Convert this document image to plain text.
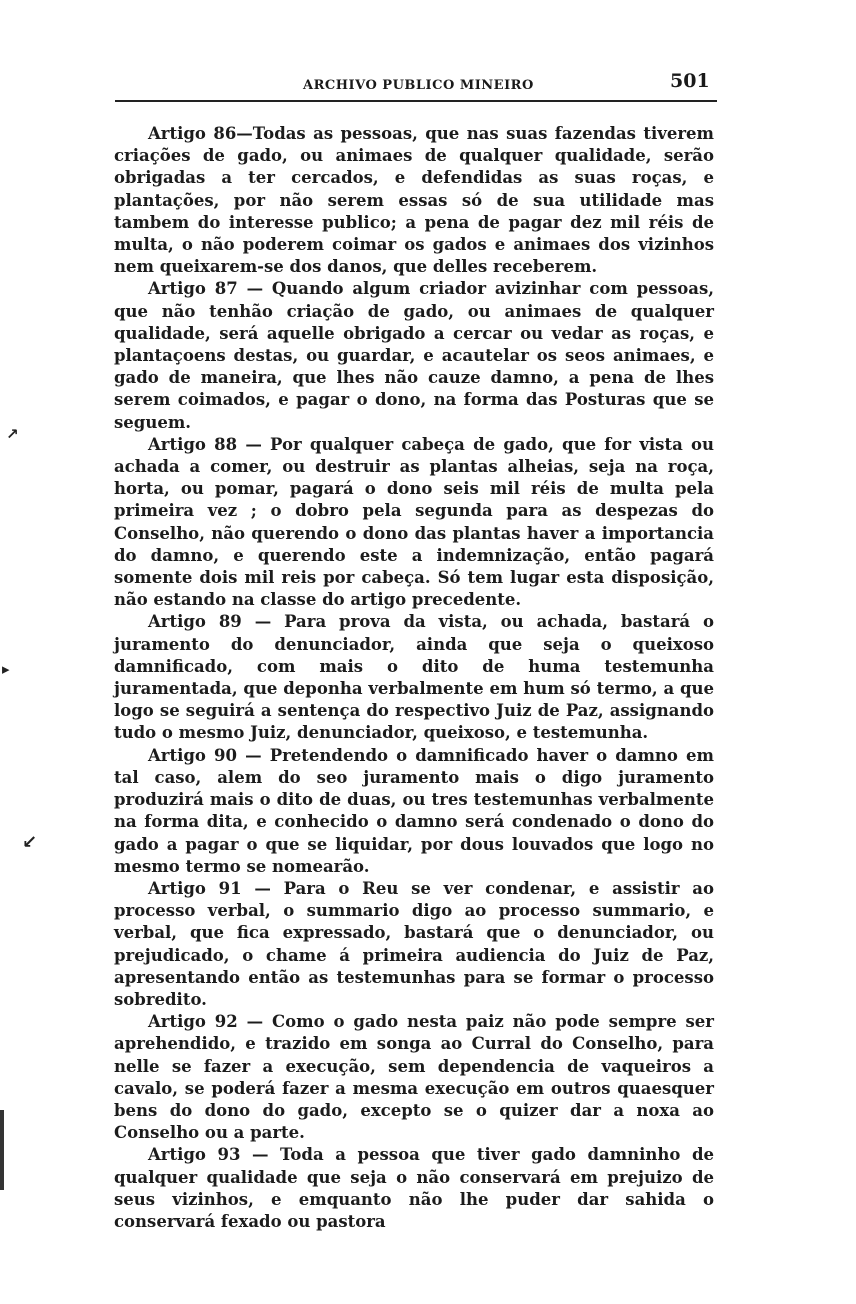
ARCHIVO PUBLICO MINEIRO	501

Artigo 86—Todas as pessoas, que nas suas fazendas tiverem criações de gado, ou animaes de qualquer qualidade, serão obrigadas a ter cercados, e defendidas as suas roças, e plantações, por não serem essas só de sua utilidade mas tambem do interesse publico; a pena de pagar dez mil réis de multa, o não poderem coimar os gados e animaes dos vizinhos nem queixarem-se dos danos, que delles receberem.

Artigo 87 — Quando algum criador avizinhar com pessoas, que não tenhão criação de gado, ou animaes de qualquer qualidade, será aquelle obrigado a cercar ou vedar as roças, e plantaçoens destas, ou guardar, e acautelar os seos animaes, e gado de maneira, que lhes não cauze damno, a pena de lhes serem coimados, e pagar o dono, na forma das Posturas que se seguem.

Artigo 88 — Por qualquer cabeça de gado, que for vista ou achada a comer, ou destruir as plantas alheias, seja na roça, horta, ou pomar, pagará o dono seis mil réis de multa pela primeira vez ; o dobro pela segunda para as despezas do Conselho, não querendo o dono das plantas haver a importancia do damno, e querendo este a indemnização, então pagará somente dois mil reis por cabeça. Só tem lugar esta disposição, não estando na classe do artigo precedente.

Artigo 89 — Para prova da vista, ou achada, bastará o juramento do denunciador, ainda que seja o queixoso damnificado, com mais o dito de huma testemunha juramentada, que deponha verbalmente em hum só termo, a que logo se seguirá a sentença do respectivo Juiz de Paz, assignando tudo o mesmo Juiz, denunciador, queixoso, e testemunha.

Artigo 90 — Pretendendo o damnificado haver o damno em tal caso, alem do seo juramento mais o digo juramento produzirá mais o dito de duas, ou tres testemunhas verbalmente na forma dita, e conhecido o damno será condenado o dono do gado a pagar o que se liquidar, por dous louvados que logo no mesmo termo se nomearão.

Artigo 91 — Para o Reu se ver condenar, e assistir ao processo verbal, o summario digo ao processo summario, e verbal, que fica expressado, bastará que o denunciador, ou prejudicado, o chame á primeira audiencia do Juiz de Paz, apresentando então as testemunhas para se formar o processo sobredito.

Artigo 92 — Como o gado nesta paiz não pode sempre ser aprehendido, e trazido em songa ao Curral do Conselho, para nelle se fazer a execução, sem dependencia de vaqueiros a cavalo, se poderá fazer a mesma execução em outros quaesquer bens do dono do gado, excepto se o quizer dar a noxa ao Conselho ou a parte.

Artigo 93 — Toda a pessoa que tiver gado damninho de qualquer qualidade que seja o não conservará em prejuizo de seus vizinhos, e emquanto não lhe puder dar sahida o conservará fexado ou pastora

↗
▸
↙
